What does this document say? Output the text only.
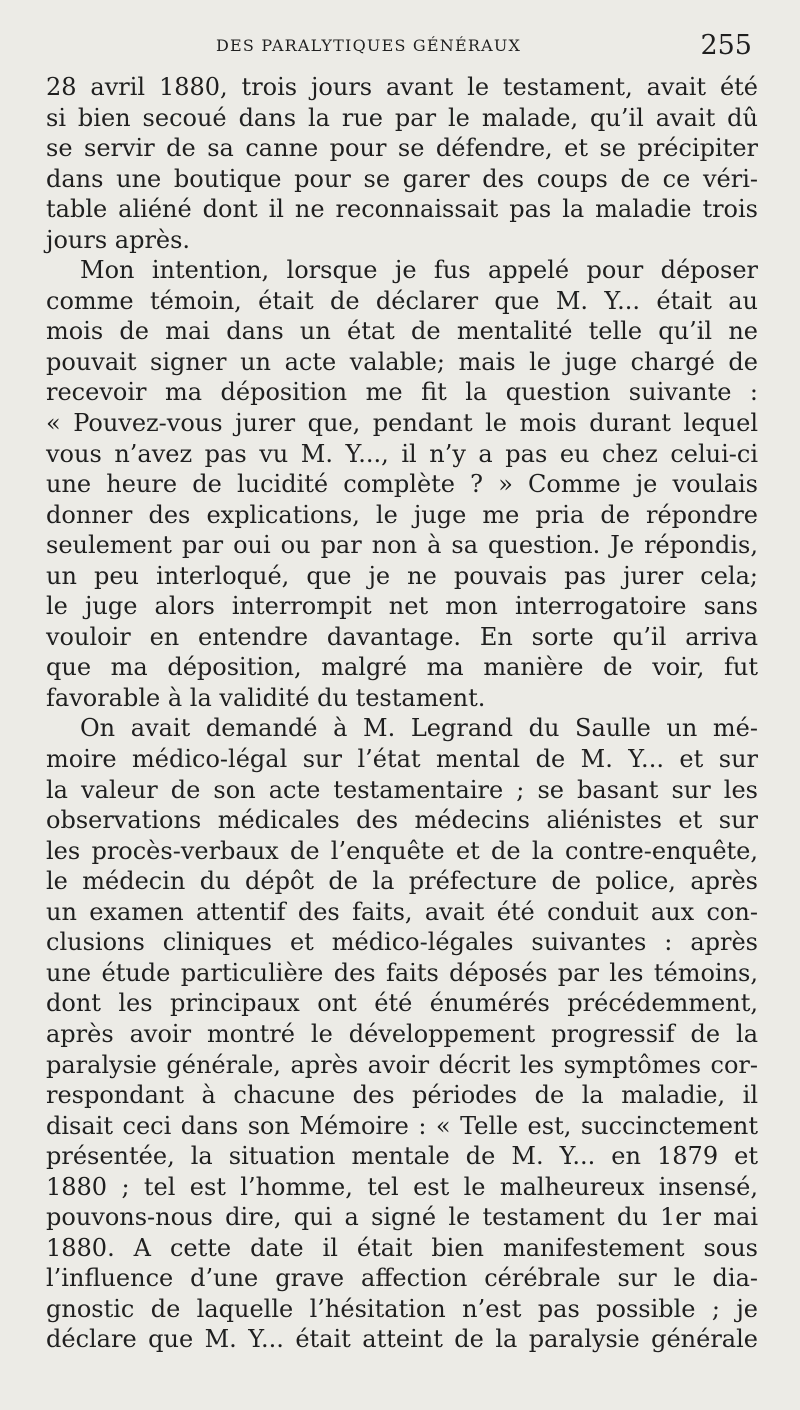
DES PARALYTIQUES GÉNÉRAUX	255
28 avril 1880, trois jours avant le testament, avait été
si bien secoué dans la rue par le malade, qu’il avait dû
se servir de sa canne pour se défendre, et se précipiter
dans une boutique pour se garer des coups de ce véri-
table aliéné dont il ne reconnaissait pas la maladie trois
jours après.
Mon intention, lorsque je fus appelé pour déposer
comme témoin, était de déclarer que M. Y... était au
mois de mai dans un état de mentalité telle qu’il ne
pouvait signer un acte valable; mais le juge chargé de
recevoir ma déposition me fit la question suivante :
« Pouvez-vous jurer que, pendant le mois durant lequel
vous n’avez pas vu M. Y..., il n’y a pas eu chez celui-ci
une heure de lucidité complète ? » Comme je voulais
donner des explications, le juge me pria de répondre
seulement par oui ou par non à sa question. Je répondis,
un peu interloqué, que je ne pouvais pas jurer cela;
le juge alors interrompit net mon interrogatoire sans
vouloir en entendre davantage. En sorte qu’il arriva
que ma déposition, malgré ma manière de voir, fut
favorable à la validité du testament.
On avait demandé à M. Legrand du Saulle un mé-
moire médico-légal sur l’état mental de M. Y... et sur
la valeur de son acte testamentaire ; se basant sur les
observations médicales des médecins aliénistes et sur
les procès-verbaux de l’enquête et de la contre-enquête,
le médecin du dépôt de la préfecture de police, après
un examen attentif des faits, avait été conduit aux con-
clusions cliniques et médico-légales suivantes : après
une étude particulière des faits déposés par les témoins,
dont les principaux ont été énumérés précédemment,
après avoir montré le développement progressif de la
paralysie générale, après avoir décrit les symptômes cor-
respondant à chacune des périodes de la maladie, il
disait ceci dans son Mémoire : « Telle est, succinctement
présentée, la situation mentale de M. Y... en 1879 et
1880 ; tel est l’homme, tel est le malheureux insensé,
pouvons-nous dire, qui a signé le testament du 1er mai
1880. A cette date il était bien manifestement sous
l’influence d’une grave affection cérébrale sur le dia-
gnostic de laquelle l’hésitation n’est pas possible ; je
déclare que M. Y... était atteint de la paralysie générale
